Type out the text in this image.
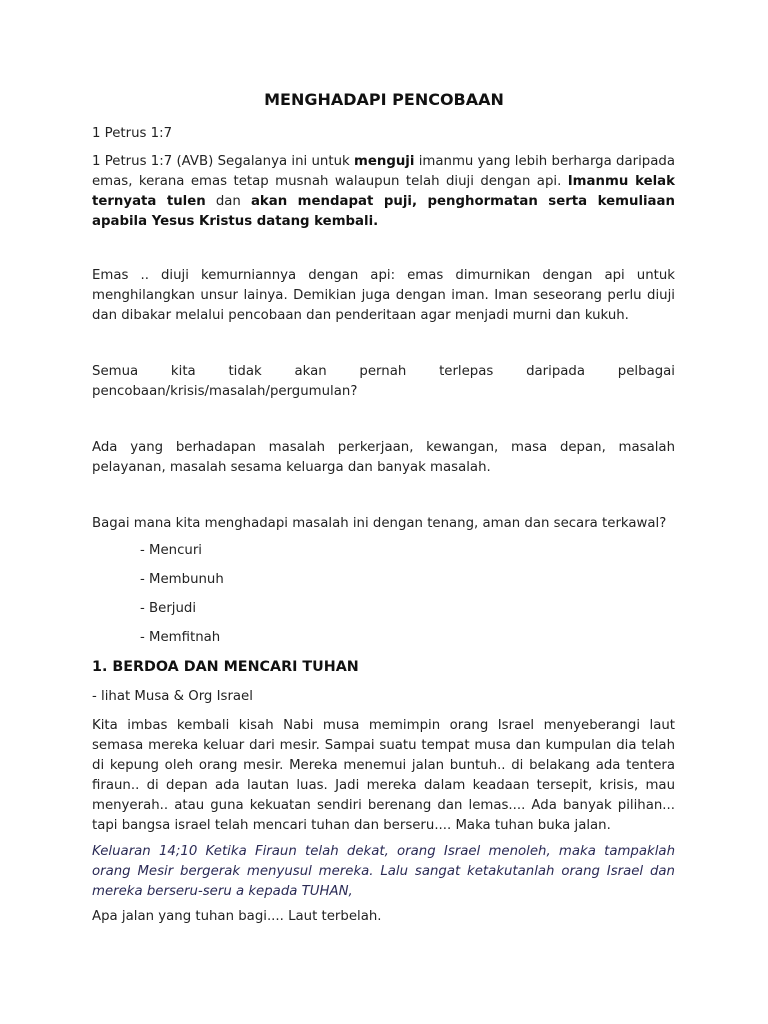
MENGHADAPI PENCOBAAN
1 Petrus 1:7
1 Petrus 1:7 (AVB) Segalanya ini untuk menguji imanmu yang lebih berharga daripada emas, kerana emas tetap musnah walaupun telah diuji dengan api. Imanmu kelak ternyata tulen dan akan mendapat puji, penghormatan serta kemuliaan apabila Yesus Kristus datang kembali.
Emas .. diuji kemurniannya dengan api: emas dimurnikan dengan api untuk menghilangkan unsur lainya. Demikian juga dengan iman. Iman seseorang perlu diuji dan dibakar melalui pencobaan dan penderitaan agar menjadi murni dan kukuh.
Semua kita tidak akan pernah terlepas daripada pelbagai
pencobaan/krisis/masalah/pergumulan?
Ada yang berhadapan masalah perkerjaan, kewangan, masa depan, masalah pelayanan, masalah sesama keluarga dan banyak masalah.
Bagai mana kita menghadapi masalah ini dengan tenang, aman dan secara terkawal?
- Mencuri
- Membunuh
- Berjudi
- Memfitnah
1. BERDOA DAN MENCARI TUHAN
- lihat Musa & Org Israel
Kita imbas kembali kisah Nabi musa memimpin orang Israel menyeberangi laut semasa mereka keluar dari mesir. Sampai suatu tempat musa dan kumpulan dia telah di kepung oleh orang mesir. Mereka menemui jalan buntuh.. di belakang ada tentera firaun.. di depan ada lautan luas. Jadi mereka dalam keadaan tersepit, krisis, mau menyerah.. atau guna kekuatan sendiri berenang dan lemas.... Ada banyak pilihan... tapi bangsa israel telah mencari tuhan dan berseru.... Maka tuhan buka jalan.
Keluaran 14;10 Ketika Firaun telah dekat, orang Israel menoleh, maka tampaklah orang Mesir bergerak menyusul mereka. Lalu sangat ketakutanlah orang Israel dan mereka berseru-seru a kepada TUHAN,
Apa jalan yang tuhan bagi.... Laut terbelah.
